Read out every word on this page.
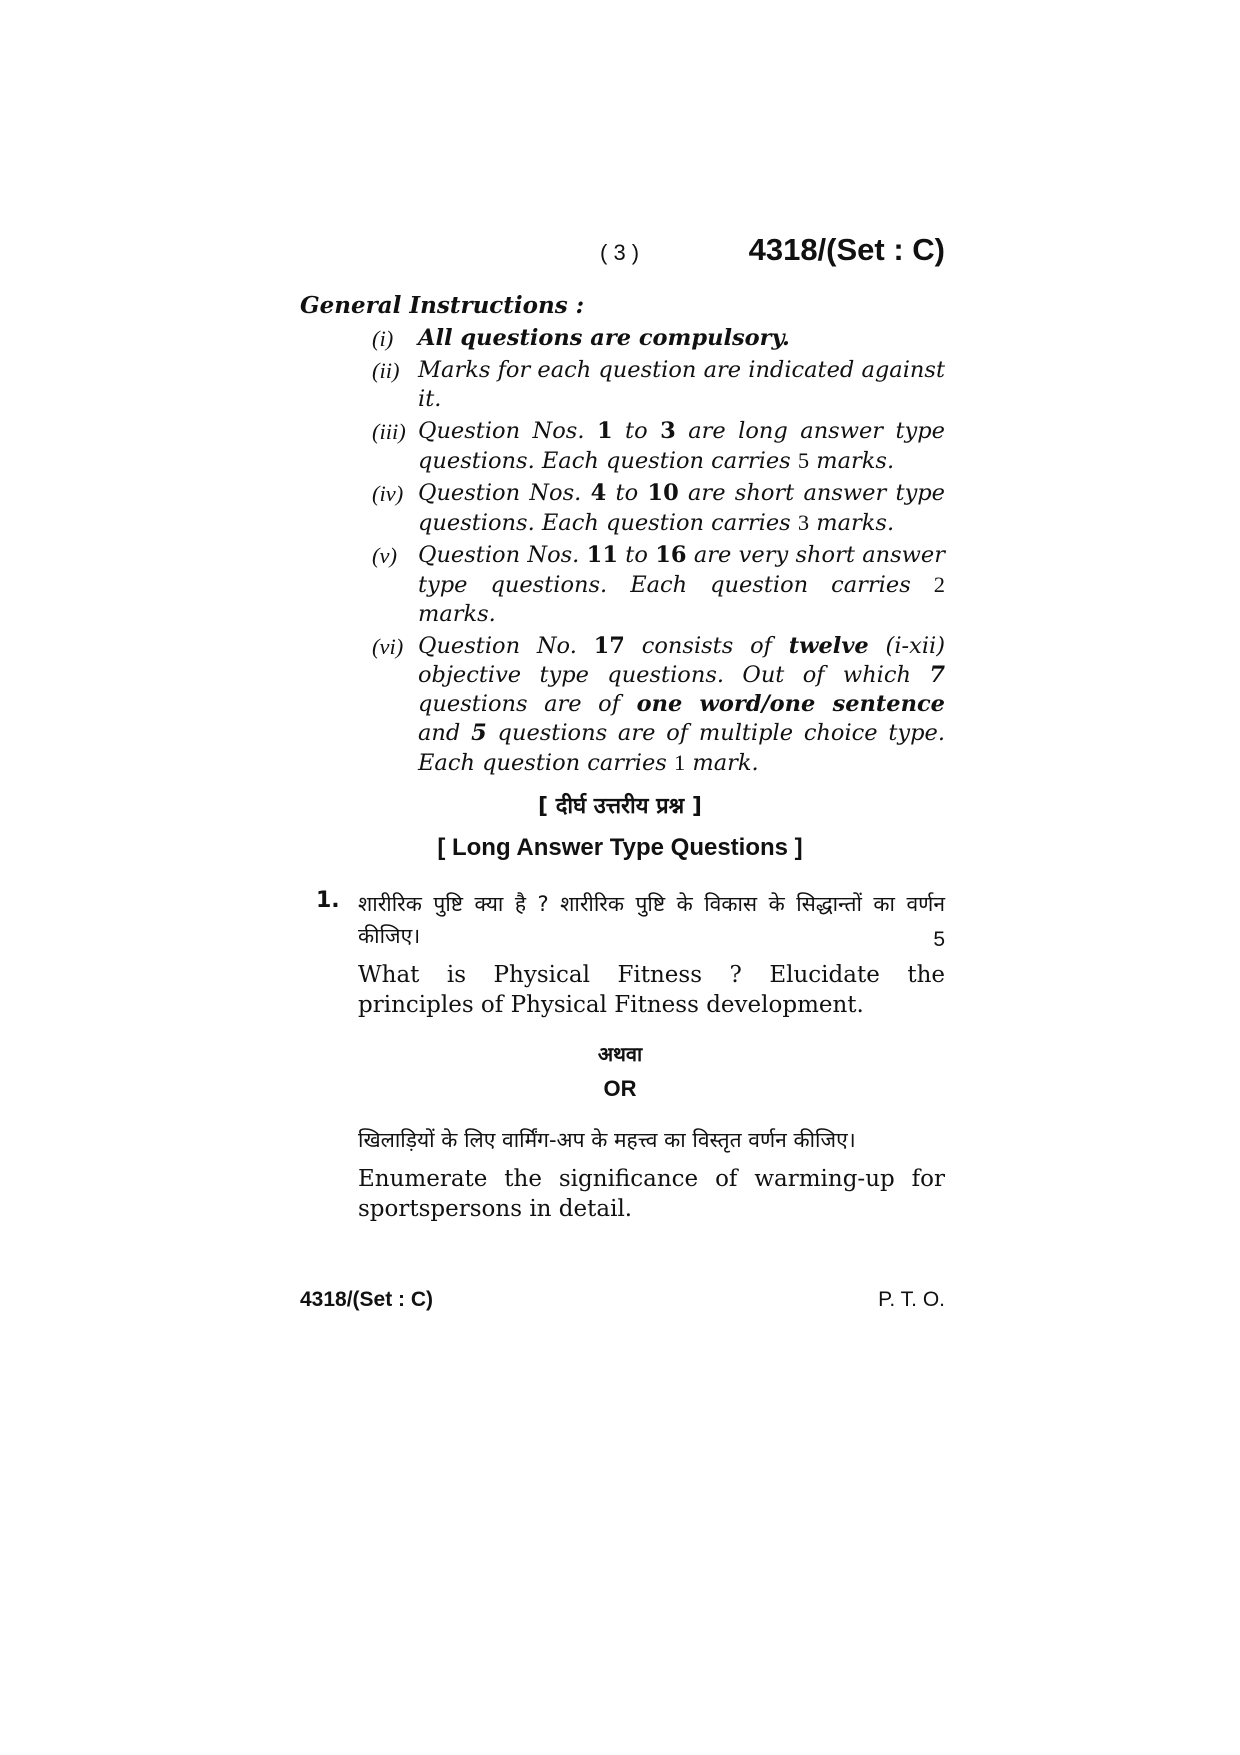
( 3 )	4318/(Set : C)
General Instructions :
(i)	All questions are compulsory.
(ii) Marks for each question are indicated against it.
(iii) Question Nos. 1 to 3 are long answer type questions. Each question carries 5 marks.
(iv) Question Nos. 4 to 10 are short answer type questions. Each question carries 3 marks.
(v) Question Nos. 11 to 16 are very short answer type questions. Each question carries 2 marks.
(vi) Question No. 17 consists of twelve (i-xii) objective type questions. Out of which 7 questions are of one word/one sentence and 5 questions are of multiple choice type. Each question carries 1 mark.
[ दीर्घ उत्तरीय प्रश्न ]
[ Long Answer Type Questions ]
1. शारीरिक पुष्टि क्या है ? शारीरिक पुष्टि के विकास के सिद्धान्तों का वर्णन कीजिए।	5
What is Physical Fitness ? Elucidate the principles of Physical Fitness development.
अथवा
OR
खिलाड़ियों के लिए वार्मिंग-अप के महत्त्व का विस्तृत वर्णन कीजिए।
Enumerate the significance of warming-up for sportspersons in detail.
4318/(Set : C)	P. T. O.
